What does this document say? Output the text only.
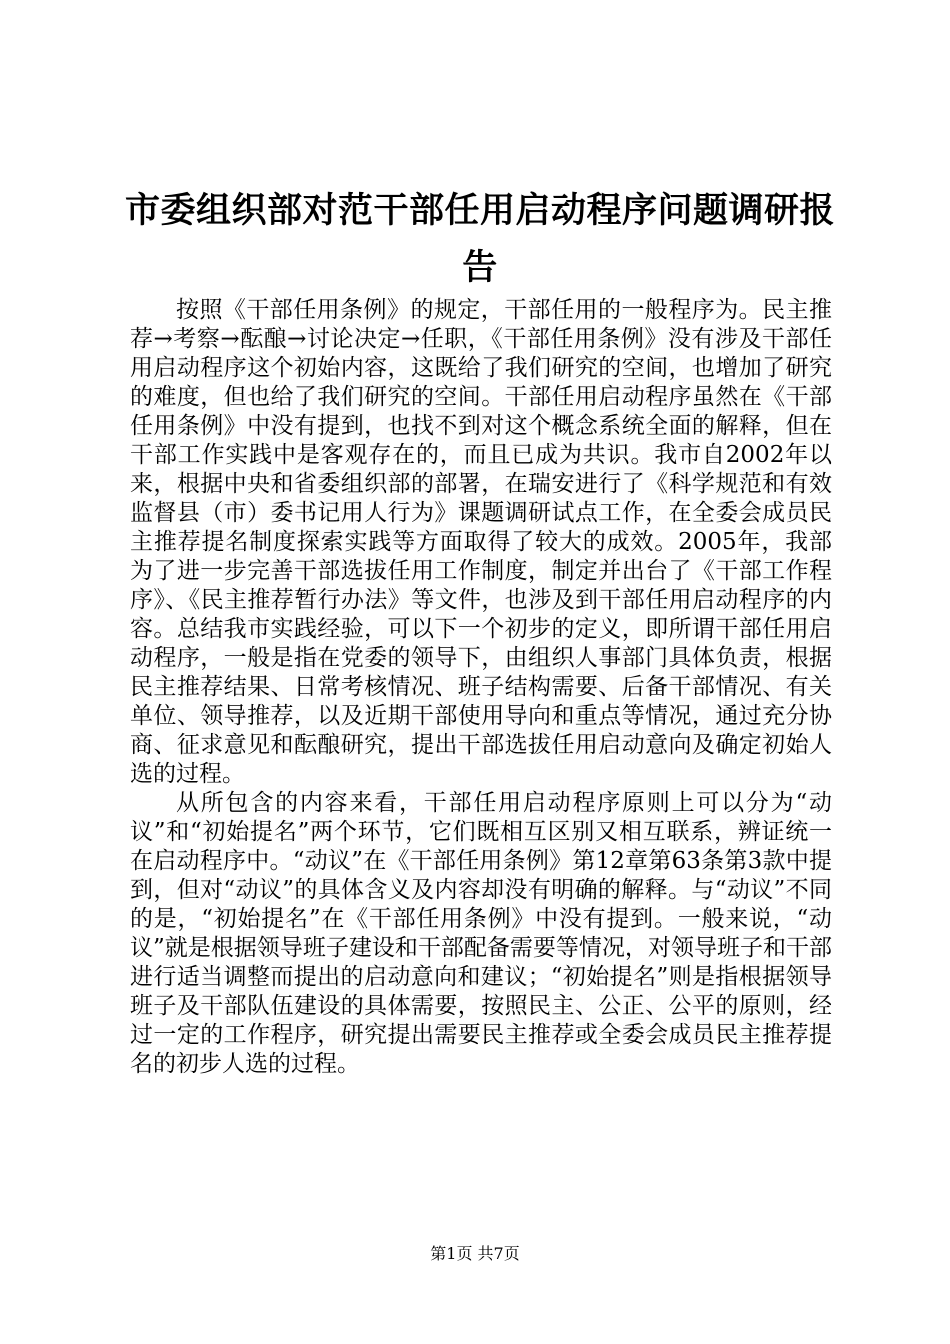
市委组织部对范干部任用启动程序问题调研报告

按照《干部任用条例》的规定，干部任用的一般程序为。民主推荐→考察→酝酿→讨论决定→任职，《干部任用条例》没有涉及干部任用启动程序这个初始内容，这既给了我们研究的空间，也增加了研究的难度，但也给了我们研究的空间。干部任用启动程序虽然在《干部任用条例》中没有提到，也找不到对这个概念系统全面的解释，但在干部工作实践中是客观存在的，而且已成为共识。我市自2002年以来，根据中央和省委组织部的部署，在瑞安进行了《科学规范和有效监督县（市）委书记用人行为》课题调研试点工作，在全委会成员民主推荐提名制度探索实践等方面取得了较大的成效。2005年，我部为了进一步完善干部选拔任用工作制度，制定并出台了《干部工作程序》、《民主推荐暂行办法》等文件，也涉及到干部任用启动程序的内容。总结我市实践经验，可以下一个初步的定义，即所谓干部任用启动程序，一般是指在党委的领导下，由组织人事部门具体负责，根据民主推荐结果、日常考核情况、班子结构需要、后备干部情况、有关单位、领导推荐，以及近期干部使用导向和重点等情况，通过充分协商、征求意见和酝酿研究，提出干部选拔任用启动意向及确定初始人选的过程。

从所包含的内容来看，干部任用启动程序原则上可以分为“动议”和“初始提名”两个环节，它们既相互区别又相互联系，辨证统一在启动程序中。“动议”在《干部任用条例》第12章第63条第3款中提到，但对“动议”的具体含义及内容却没有明确的解释。与“动议”不同的是，“初始提名”在《干部任用条例》中没有提到。一般来说，“动议”就是根据领导班子建设和干部配备需要等情况，对领导班子和干部进行适当调整而提出的启动意向和建议；“初始提名”则是指根据领导班子及干部队伍建设的具体需要，按照民主、公正、公平的原则，经过一定的工作程序，研究提出需要民主推荐或全委会成员民主推荐提名的初步人选的过程。

第1页 共7页
